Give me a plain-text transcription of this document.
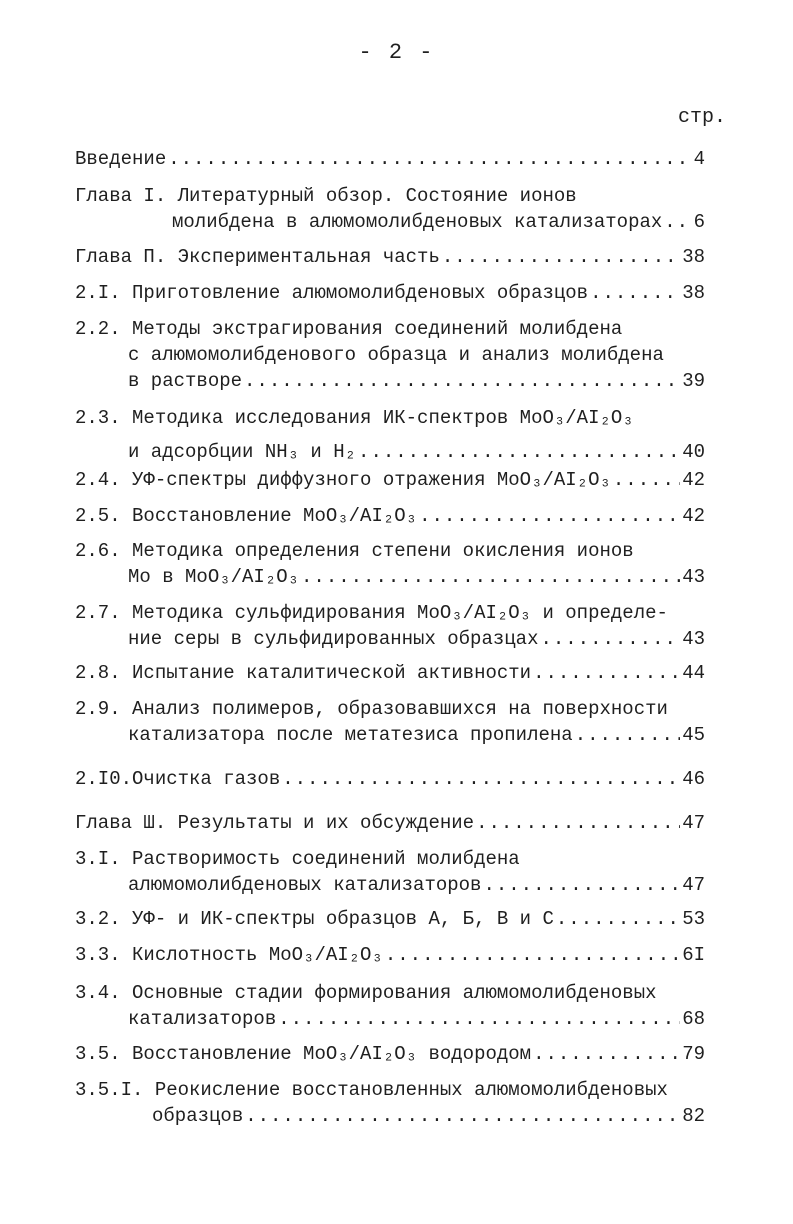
- 2 -
стр.
Введение .....	4
Глава I. Литературный обзор. Состояние ионов
молибдена в алюмомолибденовых катализаторах ..... 6
Глава П. Экспериментальная часть .....	38
2.I. Приготовление алюмомолибденовых образцов .....	38
2.2. Методы экстрагирования соединений молибдена
с алюмомолибденового образца и анализ молибдена
в растворе .....	39
2.3. Методика исследования ИК-спектров MoO₃/AI₂O₃
и адсорбции NH₃ и H₂ .....	40
2.4. УФ-спектры диффузного отражения MoO₃/AI₂O₃ .....	42
2.5. Восстановление MoO₃/AI₂O₃ .....	42
2.6. Методика определения степени окисления ионов
Mo в MoO₃/AI₂O₃ .....	43
2.7. Методика сульфидирования MoO₃/AI₂O₃ и определе-
ние серы в сульфидированных образцах .....	43
2.8. Испытание каталитической активности .....	44
2.9. Анализ полимеров, образовавшихся на поверхности
катализатора после метатезиса пропилена .....	45
2.I0.Очистка газов .....	46
Глава Ш. Результаты и их обсуждение .....	47
3.I. Растворимость соединений молибдена
алюмомолибденовых катализаторов .....	47
3.2. УФ- и ИК-спектры образцов А, Б, В и С .....	53
3.3. Кислотность MoO₃/AI₂O₃ .....	6I
3.4. Основные стадии формирования алюмомолибденовых
катализаторов .....	68
3.5. Восстановление MoO₃/AI₂O₃ водородом .....	79
3.5.I. Реокисление восстановленных алюмомолибденовых
образцов .....	82
